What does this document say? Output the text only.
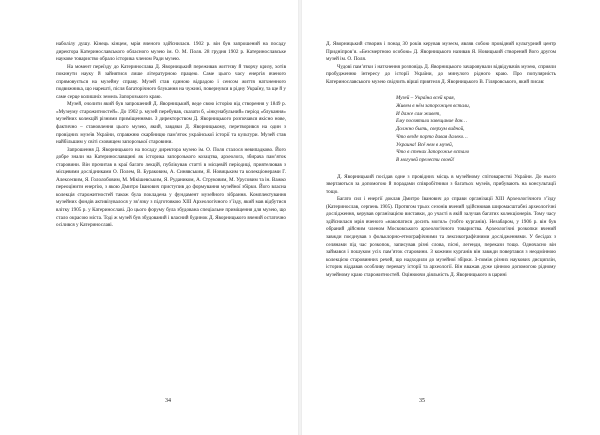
наболілу душу. Кінець кінцем, мрія вченого здійснилася. 1902 р. він був запрошений на посаду директора Катеринославського обласного музею ім. О. М. Поля. 28 грудня 1902 р. Катеринославське наукове товариство обрало історика членом Ради музею.

На момент переїзду до Катеринослава Д. Яворницький переживав життєву й творчу кризу, хотів покинути науку й зайнятися лише літературною працею. Саме цього часу енергія вченого спрямовується на музейну справу. Музей став єдиною відрадою і сенсом життя натхненного подвижника, що нарешті, після багаторічного блукання на чужині, повернувся в рідну Україну, та ще й у саме серце колишніх земель Запорозького краю.

Музей, очолити який був запрошений Д. Яворницький, веде свою історію від створення у 1849 р. «Музеуму старожитностей». До 1902 р. музей перебував, сказати б, «інкунабульний» період «блукання» музейних колекцій різними приміщеннями. З директорством Д. Яворницького розпочався якісно нове, фактично – становлення цього музею, який, завдяки Д. Яворницькому, перетворився на один з провідних музеїв України, справжню скарбницю пам’яток української історії та культури. Музей став найбільшим у світі сховищем запорозької старовини.

Запрошення Д. Яворницького на посаду директора музею ім. О. Поля сталося невипадково. Його добре знали на Катеринославщині як історика запорозького козацтва, археолога, збирача пам’яток старовини. Він прочитав в краї багато лекцій, публікував статті в місцевій періодиці, приятелював з місцевими дослідниками О. Полем, В. Бураковим, А. Синявським, Я. Новицьким та колекціонерами Г. Алексеєвим, Я. Гололобовим, М. Мікішевським, Я. Рудаником, А. Струковим, М. Урусовим та ін. Важко переоцінити енергію, з якою Дмитро Іванович приступив до формування музейної збірки. Його власна колекція старожитностей також була покладена у фундамент музейного зібрання. Комплектування музейних фондів активізувалося у зв’язку з підготовкою XIII Археологічного з’їзду, який мав відбутися влітку 1905 р. у Катеринославі. До цього форуму була збудована спеціальне приміщення для музею, що стало окрасою міста. Тоді ж музей був збудований і власний будинок Д. Яворницького вчений остаточно осілився у Катеринославі.

34

Д. Яворницький створив і понад 30 років керував музеєм, являв собою провідний культурний центр Придніпров’я. «Безсмертною особою» Д. Яворницького називав Я. Новицький створений його другом музей ім. О. Поля.

Чудові пам’ятки і натхнення розповідь Д. Яворницького зачаровували відвідувачів музею, сприяли пробудженню інтересу до історії України, до минулого рідного краю. Про популярність Катеринославського музею свідчить вірші приятеля Д. Яворницького В. Гіляровського, який писав:

Музей – Україна всей края,
Живем в нём запорожцев встали,
И даже сам живет,
Ему посвятили завещание дан…
Должно быть, сверхум видной,
Что везде порто давая далеко…
Украина! Всё нем в музей,
Что в стенах Запорожье встало
В могучей прелести своей!

Д. Яворницький посідав одне з провідних місць в музейному спітоваристві України. До нього звертаються за допомогою й порадами співробітники з багатьох музеїв, прибувають на консультації тощо.

Багато сил і енергії доклав Дмитро Іванович до справи організації XIII Археологічного з’їзду (Катеринослав, серпень 1905). Протягом трьох сезонів вчений здійснював широмасштабні археологічні дослідження, керував організацією виставки, до участі в якій залучав багатих колекціонерів. Тому часу здійснилася мрія вченого «накопатися досить могил» (тобто курганів). Незабаром, у 1906 р. він був обраний дійсним членом Московського археологічного товариства. Археологічні розкопки вчений завжди поєднував з фольклорно-етнографічними та лексикографічними дослідженнями. У бесідах з селянами під час розкопок, записував різні слова, пісні, легенди, перекази тощо. Одночасно він займався і пошуком усіх пам’яток старовини. З кожним курганів він завжди повертався з неодмінною колекцією старовинних речей, що надходили до музейної збірки. З-поміж різних наукових дисциплін, історик віддавав особливу перевагу історії та археології. Він вважав дуже цінною допомогою рідному музейному краю старожитностей. Оцінюючи діяльність Д. Яворницького в царині

35
